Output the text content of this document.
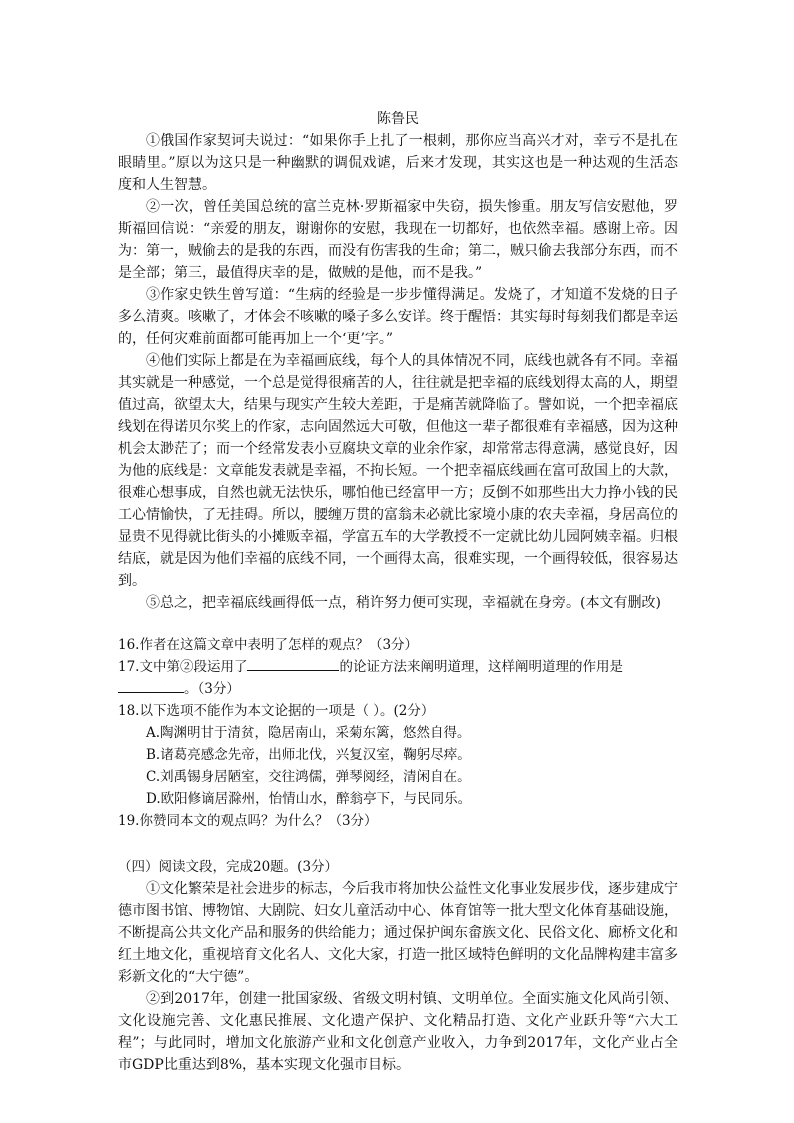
陈鲁民

①俄国作家契诃夫说过：“如果你手上扎了一根刺，那你应当高兴才对，幸亏不是扎在眼睛里。”原以为这只是一种幽默的调侃戏谑，后来才发现，其实这也是一种达观的生活态度和人生智慧。

②一次，曾任美国总统的富兰克林·罗斯福家中失窃，损失惨重。朋友写信安慰他，罗斯福回信说：“亲爱的朋友，谢谢你的安慰，我现在一切都好，也依然幸福。感谢上帝。因为：第一，贼偷去的是我的东西，而没有伤害我的生命；第二，贼只偷去我部分东西，而不是全部；第三，最值得庆幸的是，做贼的是他，而不是我。”

③作家史铁生曾写道：“生病的经验是一步步懂得满足。发烧了，才知道不发烧的日子多么清爽。咳嗽了，才体会不咳嗽的嗓子多么安详。终于醒悟：其实每时每刻我们都是幸运的，任何灾难前面都可能再加上一个‘更’字。”

④他们实际上都是在为幸福画底线，每个人的具体情况不同，底线也就各有不同。幸福其实就是一种感觉，一个总是觉得很痛苦的人，往往就是把幸福的底线划得太高的人，期望值过高，欲望太大，结果与现实产生较大差距，于是痛苦就降临了。譬如说，一个把幸福底线划在得诺贝尔奖上的作家，志向固然远大可敬，但他这一辈子都很难有幸福感，因为这种机会太渺茫了；而一个经常发表小豆腐块文章的业余作家，却常常志得意满，感觉良好，因为他的底线是：文章能发表就是幸福，不拘长短。一个把幸福底线画在富可敌国上的大款，很难心想事成，自然也就无法快乐，哪怕他已经富甲一方；反倒不如那些出大力挣小钱的民工心情愉快，了无挂碍。所以，腰缠万贯的富翁未必就比家境小康的农夫幸福，身居高位的显贵不见得就比街头的小摊贩幸福，学富五车的大学教授不一定就比幼儿园阿姨幸福。归根结底，就是因为他们幸福的底线不同，一个画得太高，很难实现，一个画得较低，很容易达到。

⑤总之，把幸福底线画得低一点，稍许努力便可实现，幸福就在身旁。(本文有删改)

16.作者在这篇文章中表明了怎样的观点？（3分）

17.文中第②段运用了	的论证方法来阐明道理，这样阐明道理的作用是
。（3分）

18.以下选项不能作为本文论据的一项是（ ）。(2分）

A.陶渊明甘于清贫，隐居南山，采菊东篱，悠然自得。

B.诸葛亮感念先帝，出师北伐，兴复汉室，鞠躬尽瘁。

C.刘禹锡身居陋室，交往鸿儒，弹琴阅经，清闲自在。

D.欧阳修谪居滁州，怡情山水，醉翁亭下，与民同乐。

19.你赞同本文的观点吗？为什么？（3分）

（四）阅读文段，完成20题。(3分）

①文化繁荣是社会进步的标志，今后我市将加快公益性文化事业发展步伐，逐步建成宁德市图书馆、博物馆、大剧院、妇女儿童活动中心、体育馆等一批大型文化体育基础设施，不断提高公共文化产品和服务的供给能力；通过保护闽东畲族文化、民俗文化、廊桥文化和红土地文化，重视培育文化名人、文化大家，打造一批区域特色鲜明的文化品牌构建丰富多彩新文化的“大宁德”。

②到2017年，创建一批国家级、省级文明村镇、文明单位。全面实施文化风尚引领、文化设施完善、文化惠民推展、文化遗产保护、文化精品打造、文化产业跃升等“六大工程”；与此同时，增加文化旅游产业和文化创意产业收入，力争到2017年，文化产业占全市GDP比重达到8%，基本实现文化强市目标。
